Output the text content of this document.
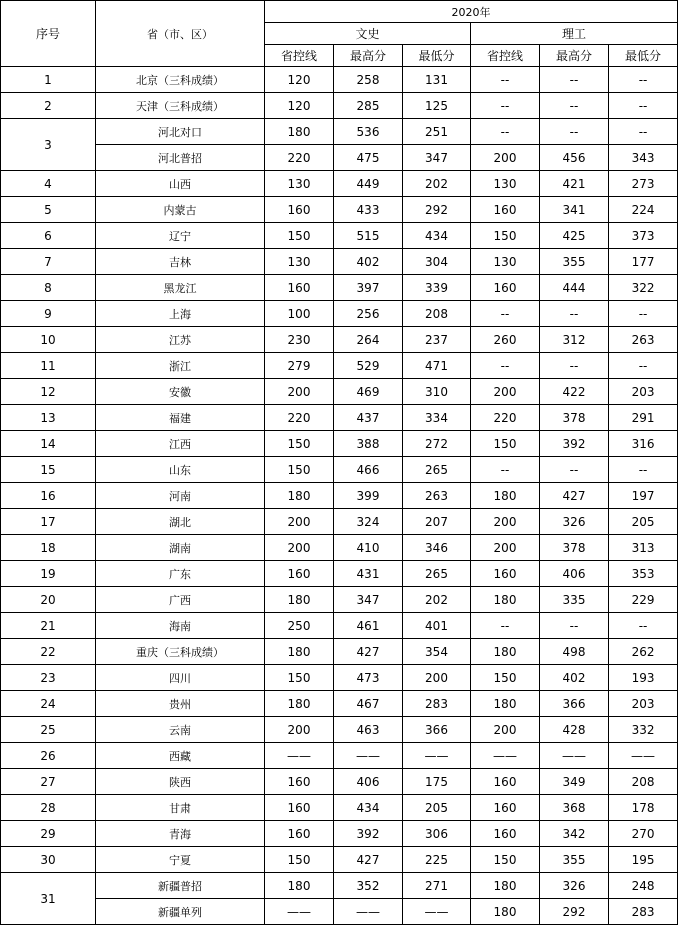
序号	省（市、区）	2020年					
		文史			理工		
		省控线	最高分	最低分	省控线	最高分	最低分
1	北京（三科成绩）	120	258	131	--	--	--
2	天津（三科成绩）	120	285	125	--	--	--
3	河北对口	180	536	251	--	--	--
	河北普招	220	475	347	200	456	343
4	山西	130	449	202	130	421	273
5	内蒙古	160	433	292	160	341	224
6	辽宁	150	515	434	150	425	373
7	吉林	130	402	304	130	355	177
8	黑龙江	160	397	339	160	444	322
9	上海	100	256	208	--	--	--
10	江苏	230	264	237	260	312	263
11	浙江	279	529	471	--	--	--
12	安徽	200	469	310	200	422	203
13	福建	220	437	334	220	378	291
14	江西	150	388	272	150	392	316
15	山东	150	466	265	--	--	--
16	河南	180	399	263	180	427	197
17	湖北	200	324	207	200	326	205
18	湖南	200	410	346	200	378	313
19	广东	160	431	265	160	406	353
20	广西	180	347	202	180	335	229
21	海南	250	461	401	--	--	--
22	重庆（三科成绩）	180	427	354	180	498	262
23	四川	150	473	200	150	402	193
24	贵州	180	467	283	180	366	203
25	云南	200	463	366	200	428	332
26	西藏	——	——	——	——	——	——
27	陕西	160	406	175	160	349	208
28	甘肃	160	434	205	160	368	178
29	青海	160	392	306	160	342	270
30	宁夏	150	427	225	150	355	195
31	新疆普招	180	352	271	180	326	248
	新疆单列	——	——	——	180	292	283
